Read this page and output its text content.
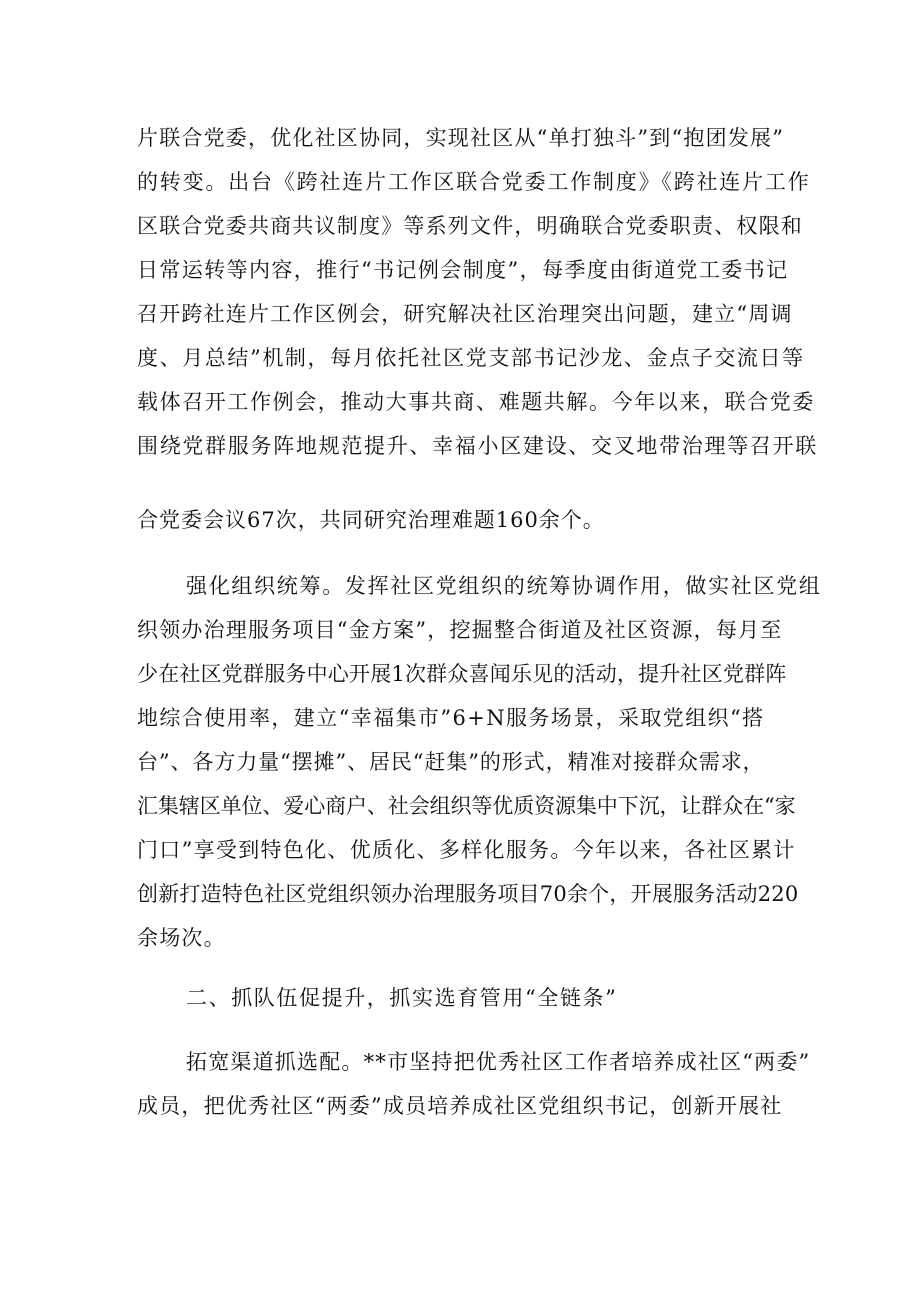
片联合党委，优化社区协同，实现社区从“单打独斗”到“抱团发展”
的转变。出台《跨社连片工作区联合党委工作制度》《跨社连片工作
区联合党委共商共议制度》等系列文件，明确联合党委职责、权限和
日常运转等内容，推行“书记例会制度”，每季度由街道党工委书记
召开跨社连片工作区例会，研究解决社区治理突出问题，建立“周调
度、月总结”机制，每月依托社区党支部书记沙龙、金点子交流日等
载体召开工作例会，推动大事共商、难题共解。今年以来，联合党委
围绕党群服务阵地规范提升、幸福小区建设、交叉地带治理等召开联
合党委会议67次，共同研究治理难题160余个。
强化组织统筹。发挥社区党组织的统筹协调作用，做实社区党组
织领办治理服务项目“金方案”，挖掘整合街道及社区资源，每月至
少在社区党群服务中心开展1次群众喜闻乐见的活动，提升社区党群阵
地综合使用率，建立“幸福集市”6+N服务场景，采取党组织“搭
台”、各方力量“摆摊”、居民“赶集”的形式，精准对接群众需求，
汇集辖区单位、爱心商户、社会组织等优质资源集中下沉，让群众在“家
门口”享受到特色化、优质化、多样化服务。今年以来，各社区累计
创新打造特色社区党组织领办治理服务项目70余个，开展服务活动220
余场次。
二、抓队伍促提升，抓实选育管用“全链条”
拓宽渠道抓选配。**市坚持把优秀社区工作者培养成社区“两委”
成员，把优秀社区“两委”成员培养成社区党组织书记，创新开展社
